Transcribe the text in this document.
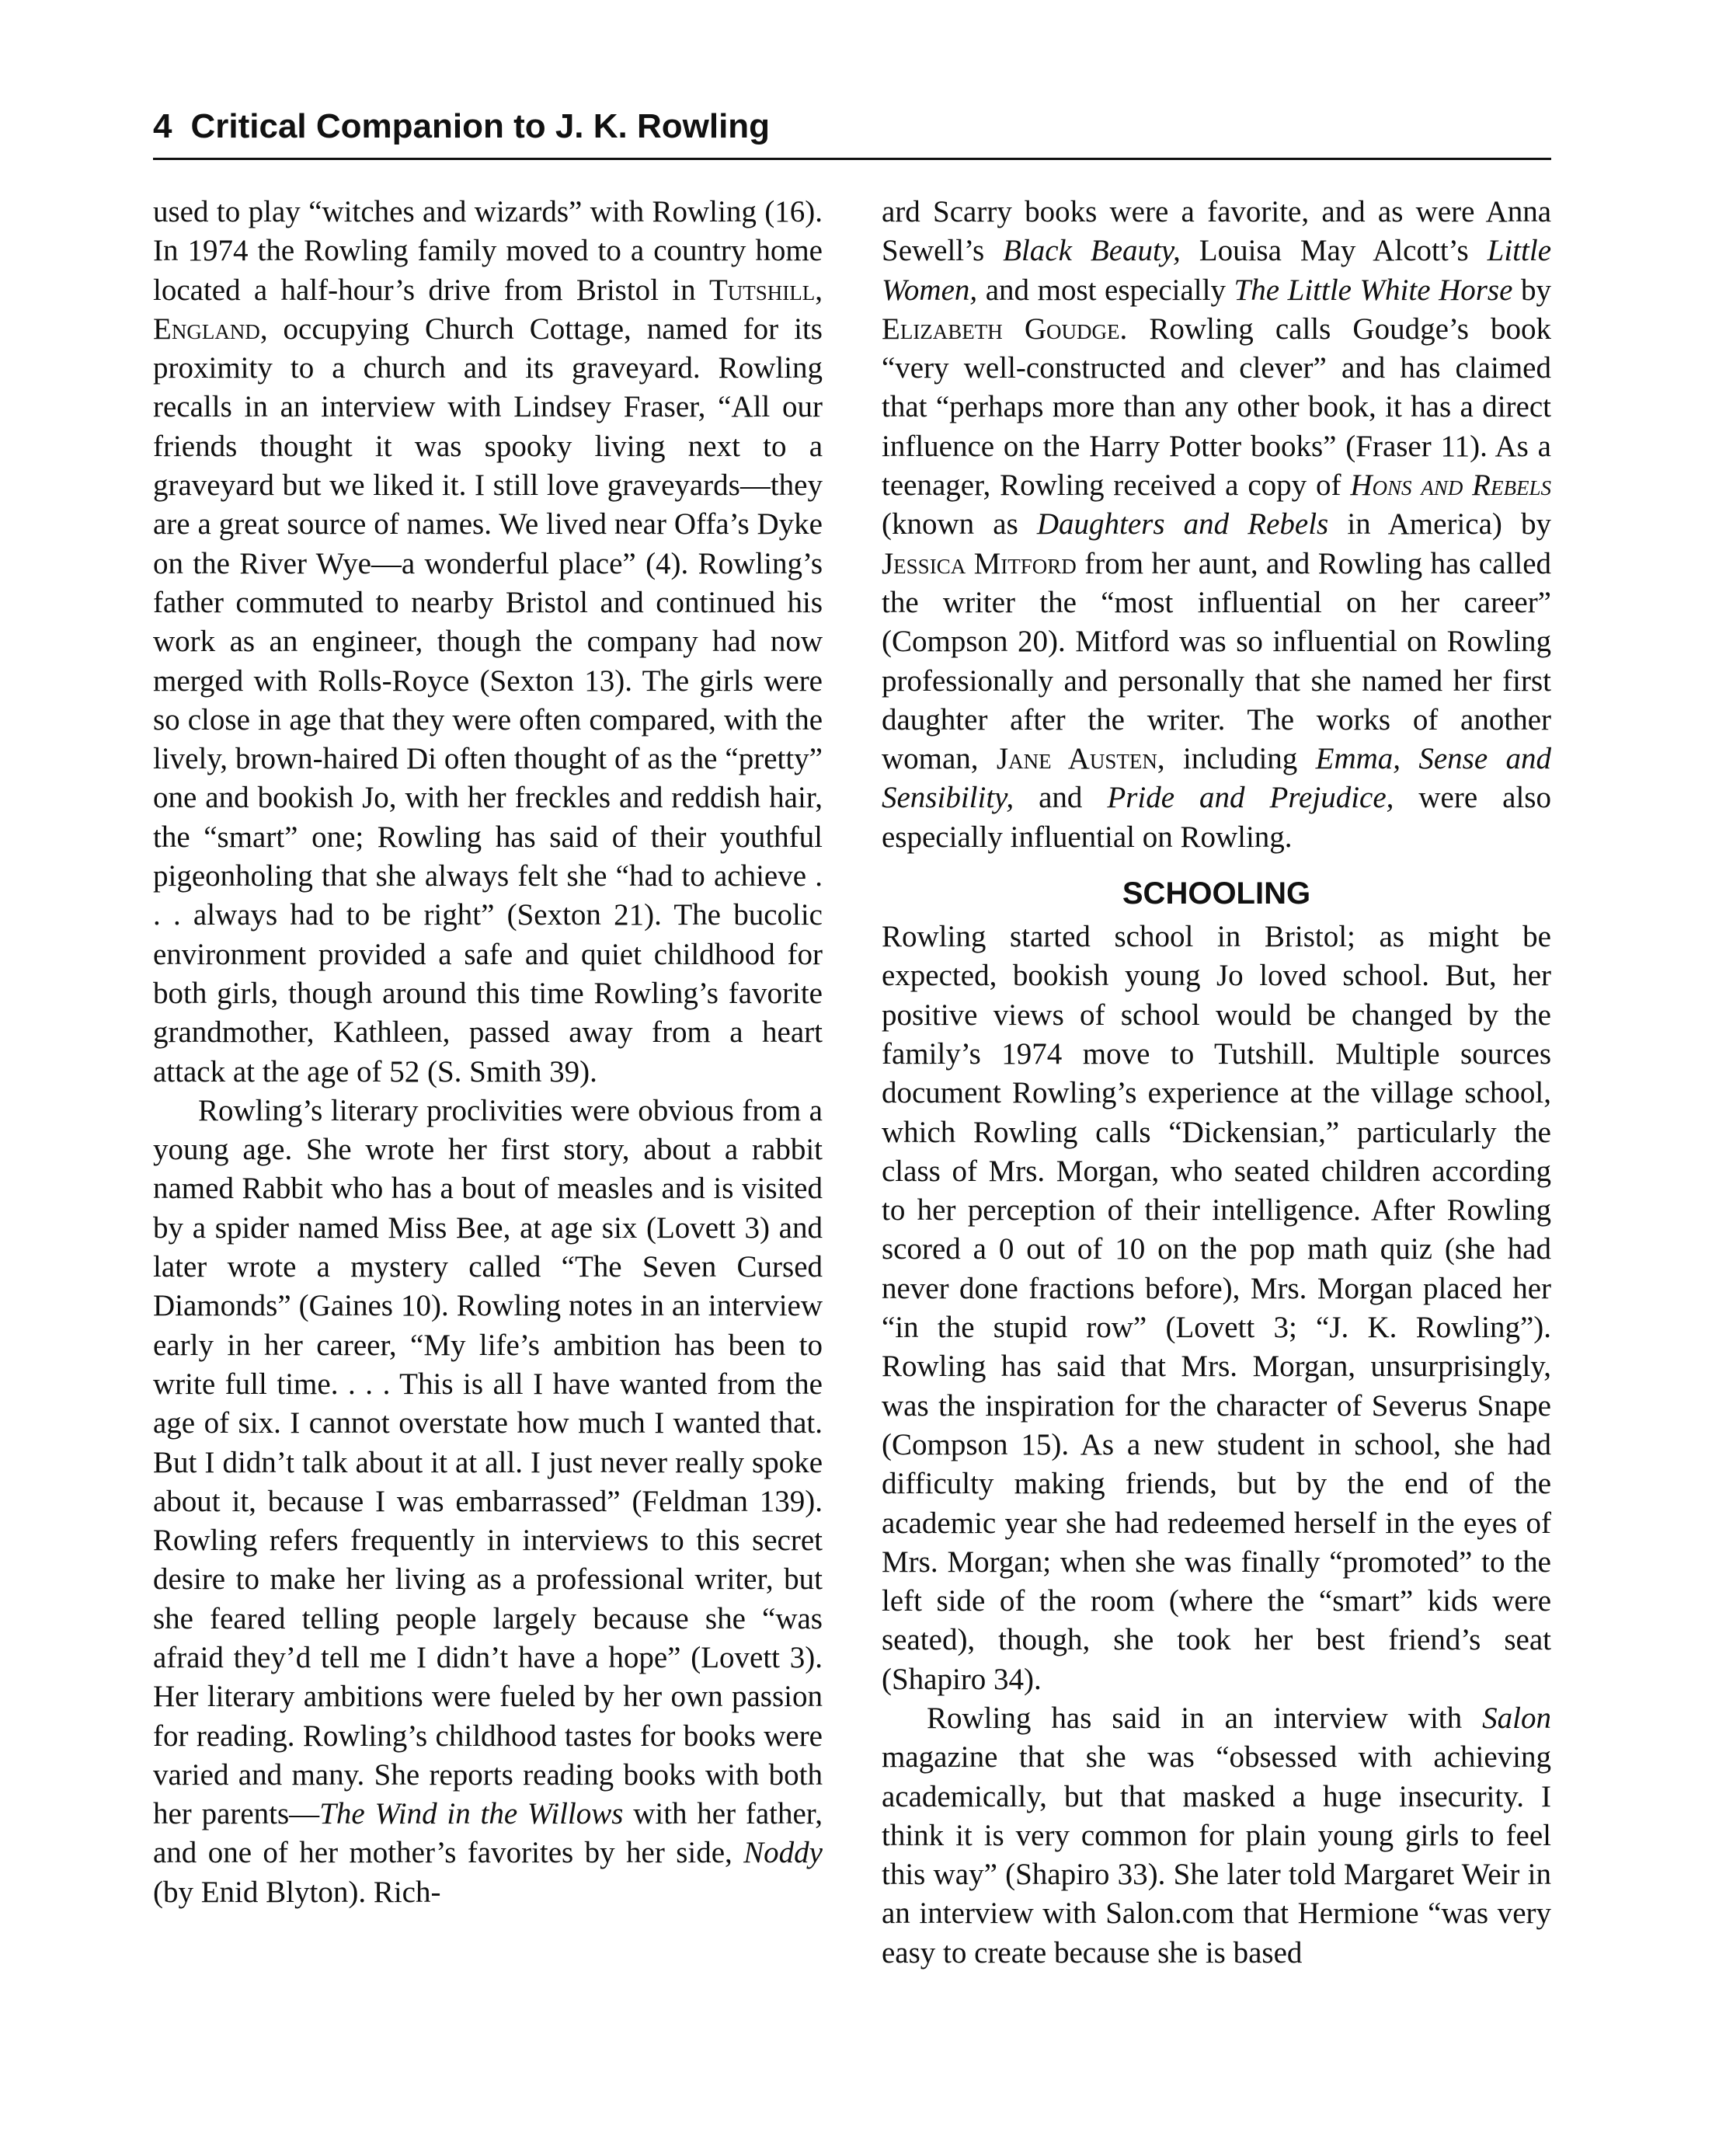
4 Critical Companion to J. K. Rowling

used to play “witches and wizards” with Rowling (16). In 1974 the Rowling family moved to a country home located a half-hour’s drive from Bristol in Tutshill, England, occupying Church Cottage, named for its proximity to a church and its graveyard. Rowling recalls in an interview with Lindsey Fraser, “All our friends thought it was spooky living next to a graveyard but we liked it. I still love graveyards—they are a great source of names. We lived near Offa’s Dyke on the River Wye—a wonderful place” (4). Rowling’s father commuted to nearby Bristol and continued his work as an engineer, though the company had now merged with Rolls-Royce (Sexton 13). The girls were so close in age that they were often compared, with the lively, brown-haired Di often thought of as the “pretty” one and bookish Jo, with her freckles and reddish hair, the “smart” one; Rowling has said of their youthful pigeonholing that she always felt she “had to achieve . . . always had to be right” (Sexton 21). The bucolic environment provided a safe and quiet childhood for both girls, though around this time Rowling’s favorite grandmother, Kathleen, passed away from a heart attack at the age of 52 (S. Smith 39).

Rowling’s literary proclivities were obvious from a young age. She wrote her first story, about a rabbit named Rabbit who has a bout of measles and is visited by a spider named Miss Bee, at age six (Lovett 3) and later wrote a mystery called “The Seven Cursed Diamonds” (Gaines 10). Rowling notes in an interview early in her career, “My life’s ambition has been to write full time. . . . This is all I have wanted from the age of six. I cannot overstate how much I wanted that. But I didn’t talk about it at all. I just never really spoke about it, because I was embarrassed” (Feldman 139). Rowling refers frequently in interviews to this secret desire to make her living as a professional writer, but she feared telling people largely because she “was afraid they’d tell me I didn’t have a hope” (Lovett 3). Her literary ambitions were fueled by her own passion for reading. Rowling’s childhood tastes for books were varied and many. She reports reading books with both her parents—The Wind in the Willows with her father, and one of her mother’s favorites by her side, Noddy (by Enid Blyton). Rich-

ard Scarry books were a favorite, and as were Anna Sewell’s Black Beauty, Louisa May Alcott’s Little Women, and most especially The Little White Horse by Elizabeth Goudge. Rowling calls Goudge’s book “very well-constructed and clever” and has claimed that “perhaps more than any other book, it has a direct influence on the Harry Potter books” (Fraser 11). As a teenager, Rowling received a copy of Hons and Rebels (known as Daughters and Rebels in America) by Jessica Mitford from her aunt, and Rowling has called the writer the “most influential on her career” (Compson 20). Mitford was so influential on Rowling professionally and personally that she named her first daughter after the writer. The works of another woman, Jane Austen, including Emma, Sense and Sensibility, and Pride and Prejudice, were also especially influential on Rowling.

SCHOOLING

Rowling started school in Bristol; as might be expected, bookish young Jo loved school. But, her positive views of school would be changed by the family’s 1974 move to Tutshill. Multiple sources document Rowling’s experience at the village school, which Rowling calls “Dickensian,” particularly the class of Mrs. Morgan, who seated children according to her perception of their intelligence. After Rowling scored a 0 out of 10 on the pop math quiz (she had never done fractions before), Mrs. Morgan placed her “in the stupid row” (Lovett 3; “J. K. Rowling”). Rowling has said that Mrs. Morgan, unsurprisingly, was the inspiration for the character of Severus Snape (Compson 15). As a new student in school, she had difficulty making friends, but by the end of the academic year she had redeemed herself in the eyes of Mrs. Morgan; when she was finally “promoted” to the left side of the room (where the “smart” kids were seated), though, she took her best friend’s seat (Shapiro 34).

Rowling has said in an interview with Salon magazine that she was “obsessed with achieving academically, but that masked a huge insecurity. I think it is very common for plain young girls to feel this way” (Shapiro 33). She later told Margaret Weir in an interview with Salon.com that Hermione “was very easy to create because she is based
